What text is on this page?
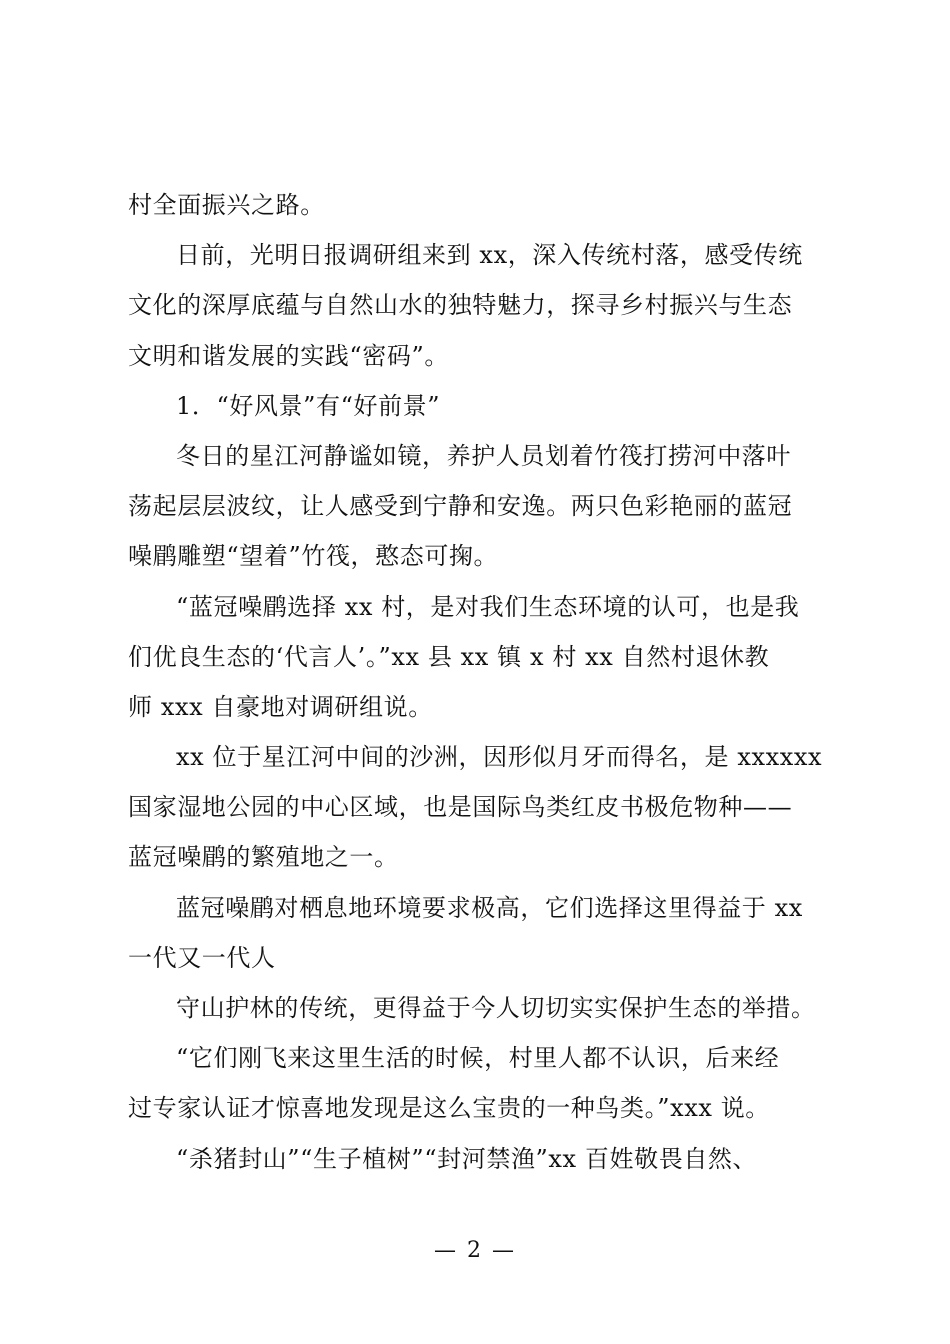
村全面振兴之路。
日前，光明日报调研组来到 xx，深入传统村落，感受传统
文化的深厚底蕴与自然山水的独特魅力，探寻乡村振兴与生态
文明和谐发展的实践“密码”。
1．“好风景”有“好前景”
冬日的星江河静谧如镜，养护人员划着竹筏打捞河中落叶
荡起层层波纹，让人感受到宁静和安逸。两只色彩艳丽的蓝冠
噪鹛雕塑“望着”竹筏，憨态可掬。
“蓝冠噪鹛选择 xx 村，是对我们生态环境的认可，也是我
们优良生态的‘代言人’。”xx 县 xx 镇 x 村 xx 自然村退休教
师 xxx 自豪地对调研组说。
xx 位于星江河中间的沙洲，因形似月牙而得名，是 xxxxxx
国家湿地公园的中心区域，也是国际鸟类红皮书极危物种——
蓝冠噪鹛的繁殖地之一。
蓝冠噪鹛对栖息地环境要求极高，它们选择这里得益于 xx
一代又一代人
守山护林的传统，更得益于今人切切实实保护生态的举措。
“它们刚飞来这里生活的时候，村里人都不认识，后来经
过专家认证才惊喜地发现是这么宝贵的一种鸟类。”xxx 说。
“杀猪封山”“生子植树”“封河禁渔”xx 百姓敬畏自然、
— 2 —
